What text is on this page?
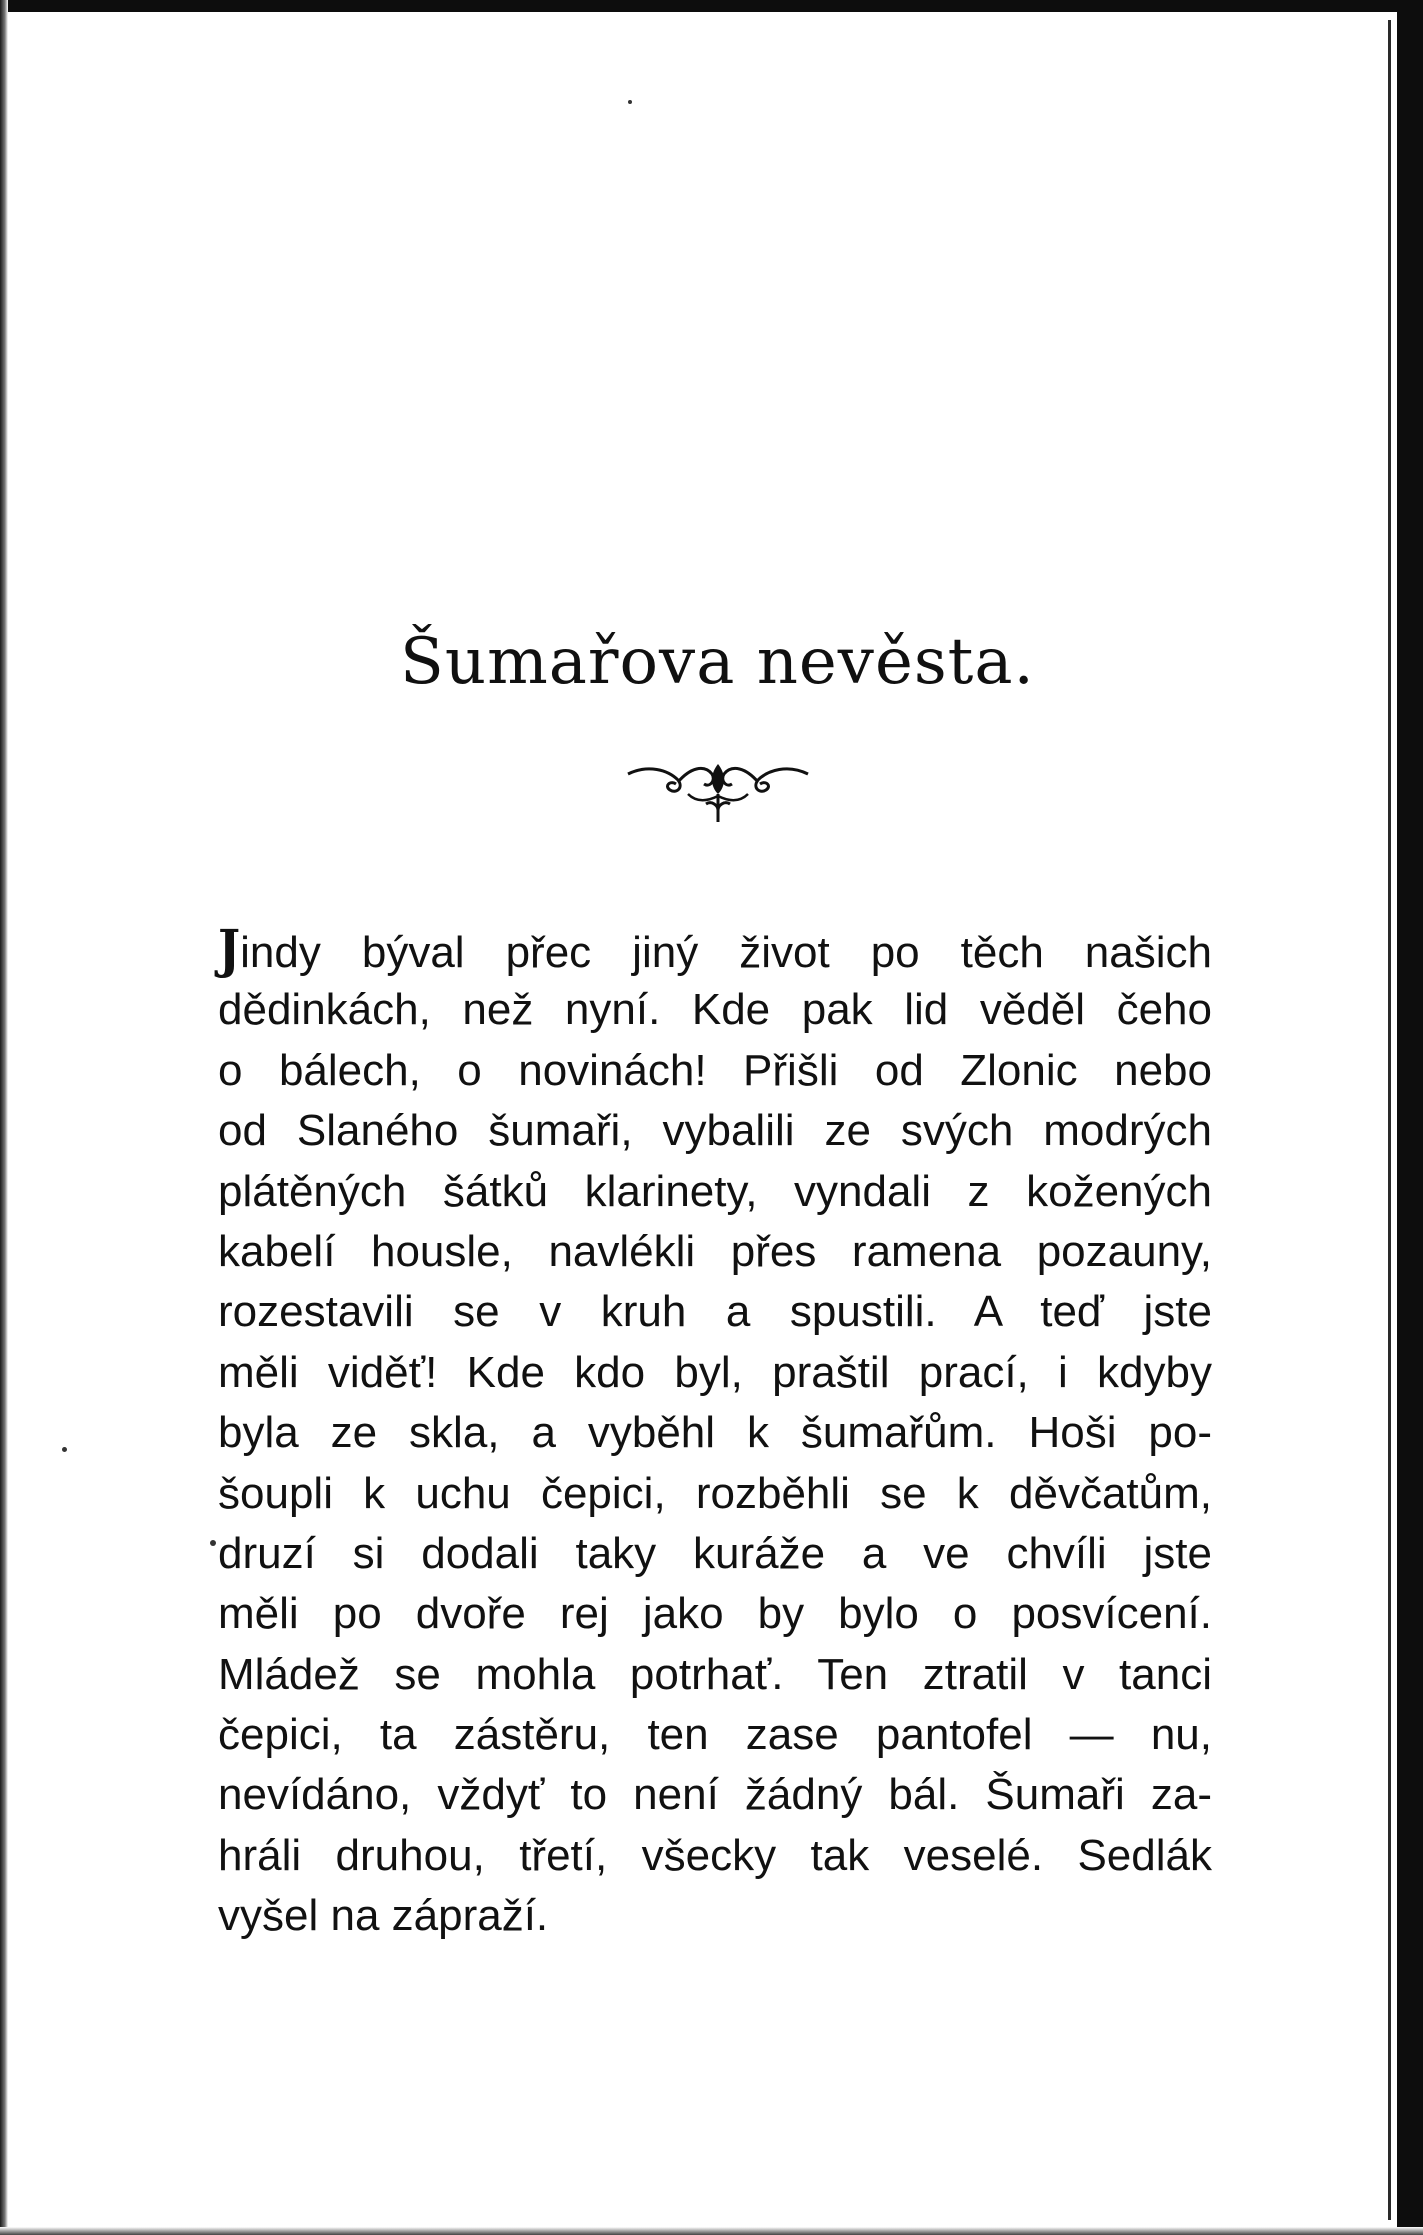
Šumařova nevěsta.
Jindy býval přec jiný život po těch našich
dědinkách, než nyní. Kde pak lid věděl čeho
o bálech, o novinách! Přišli od Zlonic nebo
od Slaného šumaři, vybalili ze svých modrých
plátěných šátků klarinety, vyndali z kožených
kabelí housle, navlékli přes ramena pozauny,
rozestavili se v kruh a spustili. A teď jste
měli viděť! Kde kdo byl, praštil prací, i kdyby
byla ze skla, a vyběhl k šumařům. Hoši po-
šoupli k uchu čepici, rozběhli se k děvčatům,
druzí si dodali taky kuráže a ve chvíli jste
měli po dvoře rej jako by bylo o posvícení.
Mládež se mohla potrhať. Ten ztratil v tanci
čepici, ta zástěru, ten zase pantofel — nu,
nevídáno, vždyť to není žádný bál. Šumaři za-
hráli druhou, třetí, všecky tak veselé. Sedlák
vyšel na zápraží.
